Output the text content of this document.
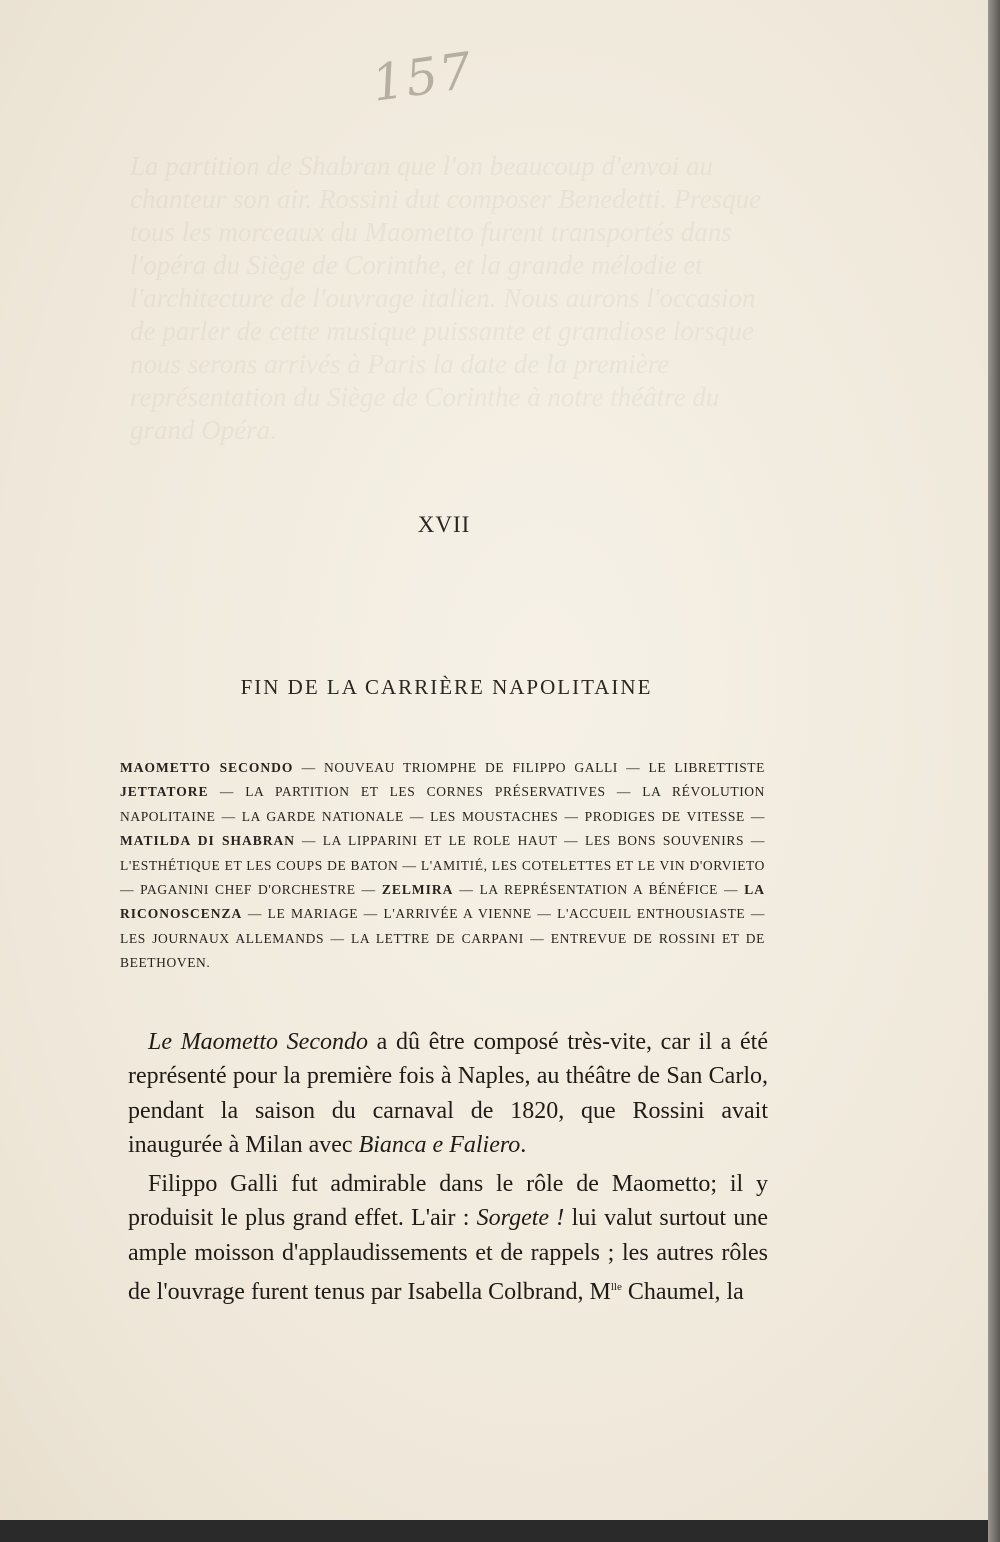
La partition de Shabran que l'on beaucoup d'envoi au chanteur son air. Rossini dut composer Benedetti. Presque tous les morceaux du Maometto furent transportés dans l'opéra du Siège de Corinthe, et la grande mélodie et l'architecture de l'ouvrage italien. Nous aurons l'occasion de parler de cette musique puissante et grandiose lorsque nous serons arrivés à Paris la date de la première représentation du Siège de Corinthe à notre théâtre du grand Opéra.
157
XVII
FIN DE LA CARRIÈRE NAPOLITAINE
MAOMETTO SECONDO — NOUVEAU TRIOMPHE DE FILIPPO GALLI — LE LIBRETTISTE JETTATORE — LA PARTITION ET LES CORNES PRÉSERVATIVES — LA RÉVOLUTION NAPOLITAINE — LA GARDE NATIONALE — LES MOUSTACHES — PRODIGES DE VITESSE — MATILDA DI SHABRAN — LA LIPPARINI ET LE ROLE HAUT — LES BONS SOUVENIRS — L'ESTHÉTIQUE ET LES COUPS DE BATON — L'AMITIÉ, LES COTELETTES ET LE VIN D'ORVIETO — PAGANINI CHEF D'ORCHESTRE — ZELMIRA — LA REPRÉSENTATION A BÉNÉFICE — LA RICONOSCENZA — LE MARIAGE — L'ARRIVÉE A VIENNE — L'ACCUEIL ENTHOUSIASTE — LES JOURNAUX ALLEMANDS — LA LETTRE DE CARPANI — ENTREVUE DE ROSSINI ET DE BEETHOVEN.

Le Maometto Secondo a dû être composé très-vite, car il a été représenté pour la première fois à Naples, au théâtre de San Carlo, pendant la saison du carnaval de 1820, que Rossini avait inaugurée à Milan avec Bianca e Faliero.

Filippo Galli fut admirable dans le rôle de Maometto; il y produisit le plus grand effet. L'air : Sorgete ! lui valut surtout une ample moisson d'applaudissements et de rappels ; les autres rôles de l'ouvrage furent tenus par Isabella Colbrand, $M^{lle}$ Chaumel, la
